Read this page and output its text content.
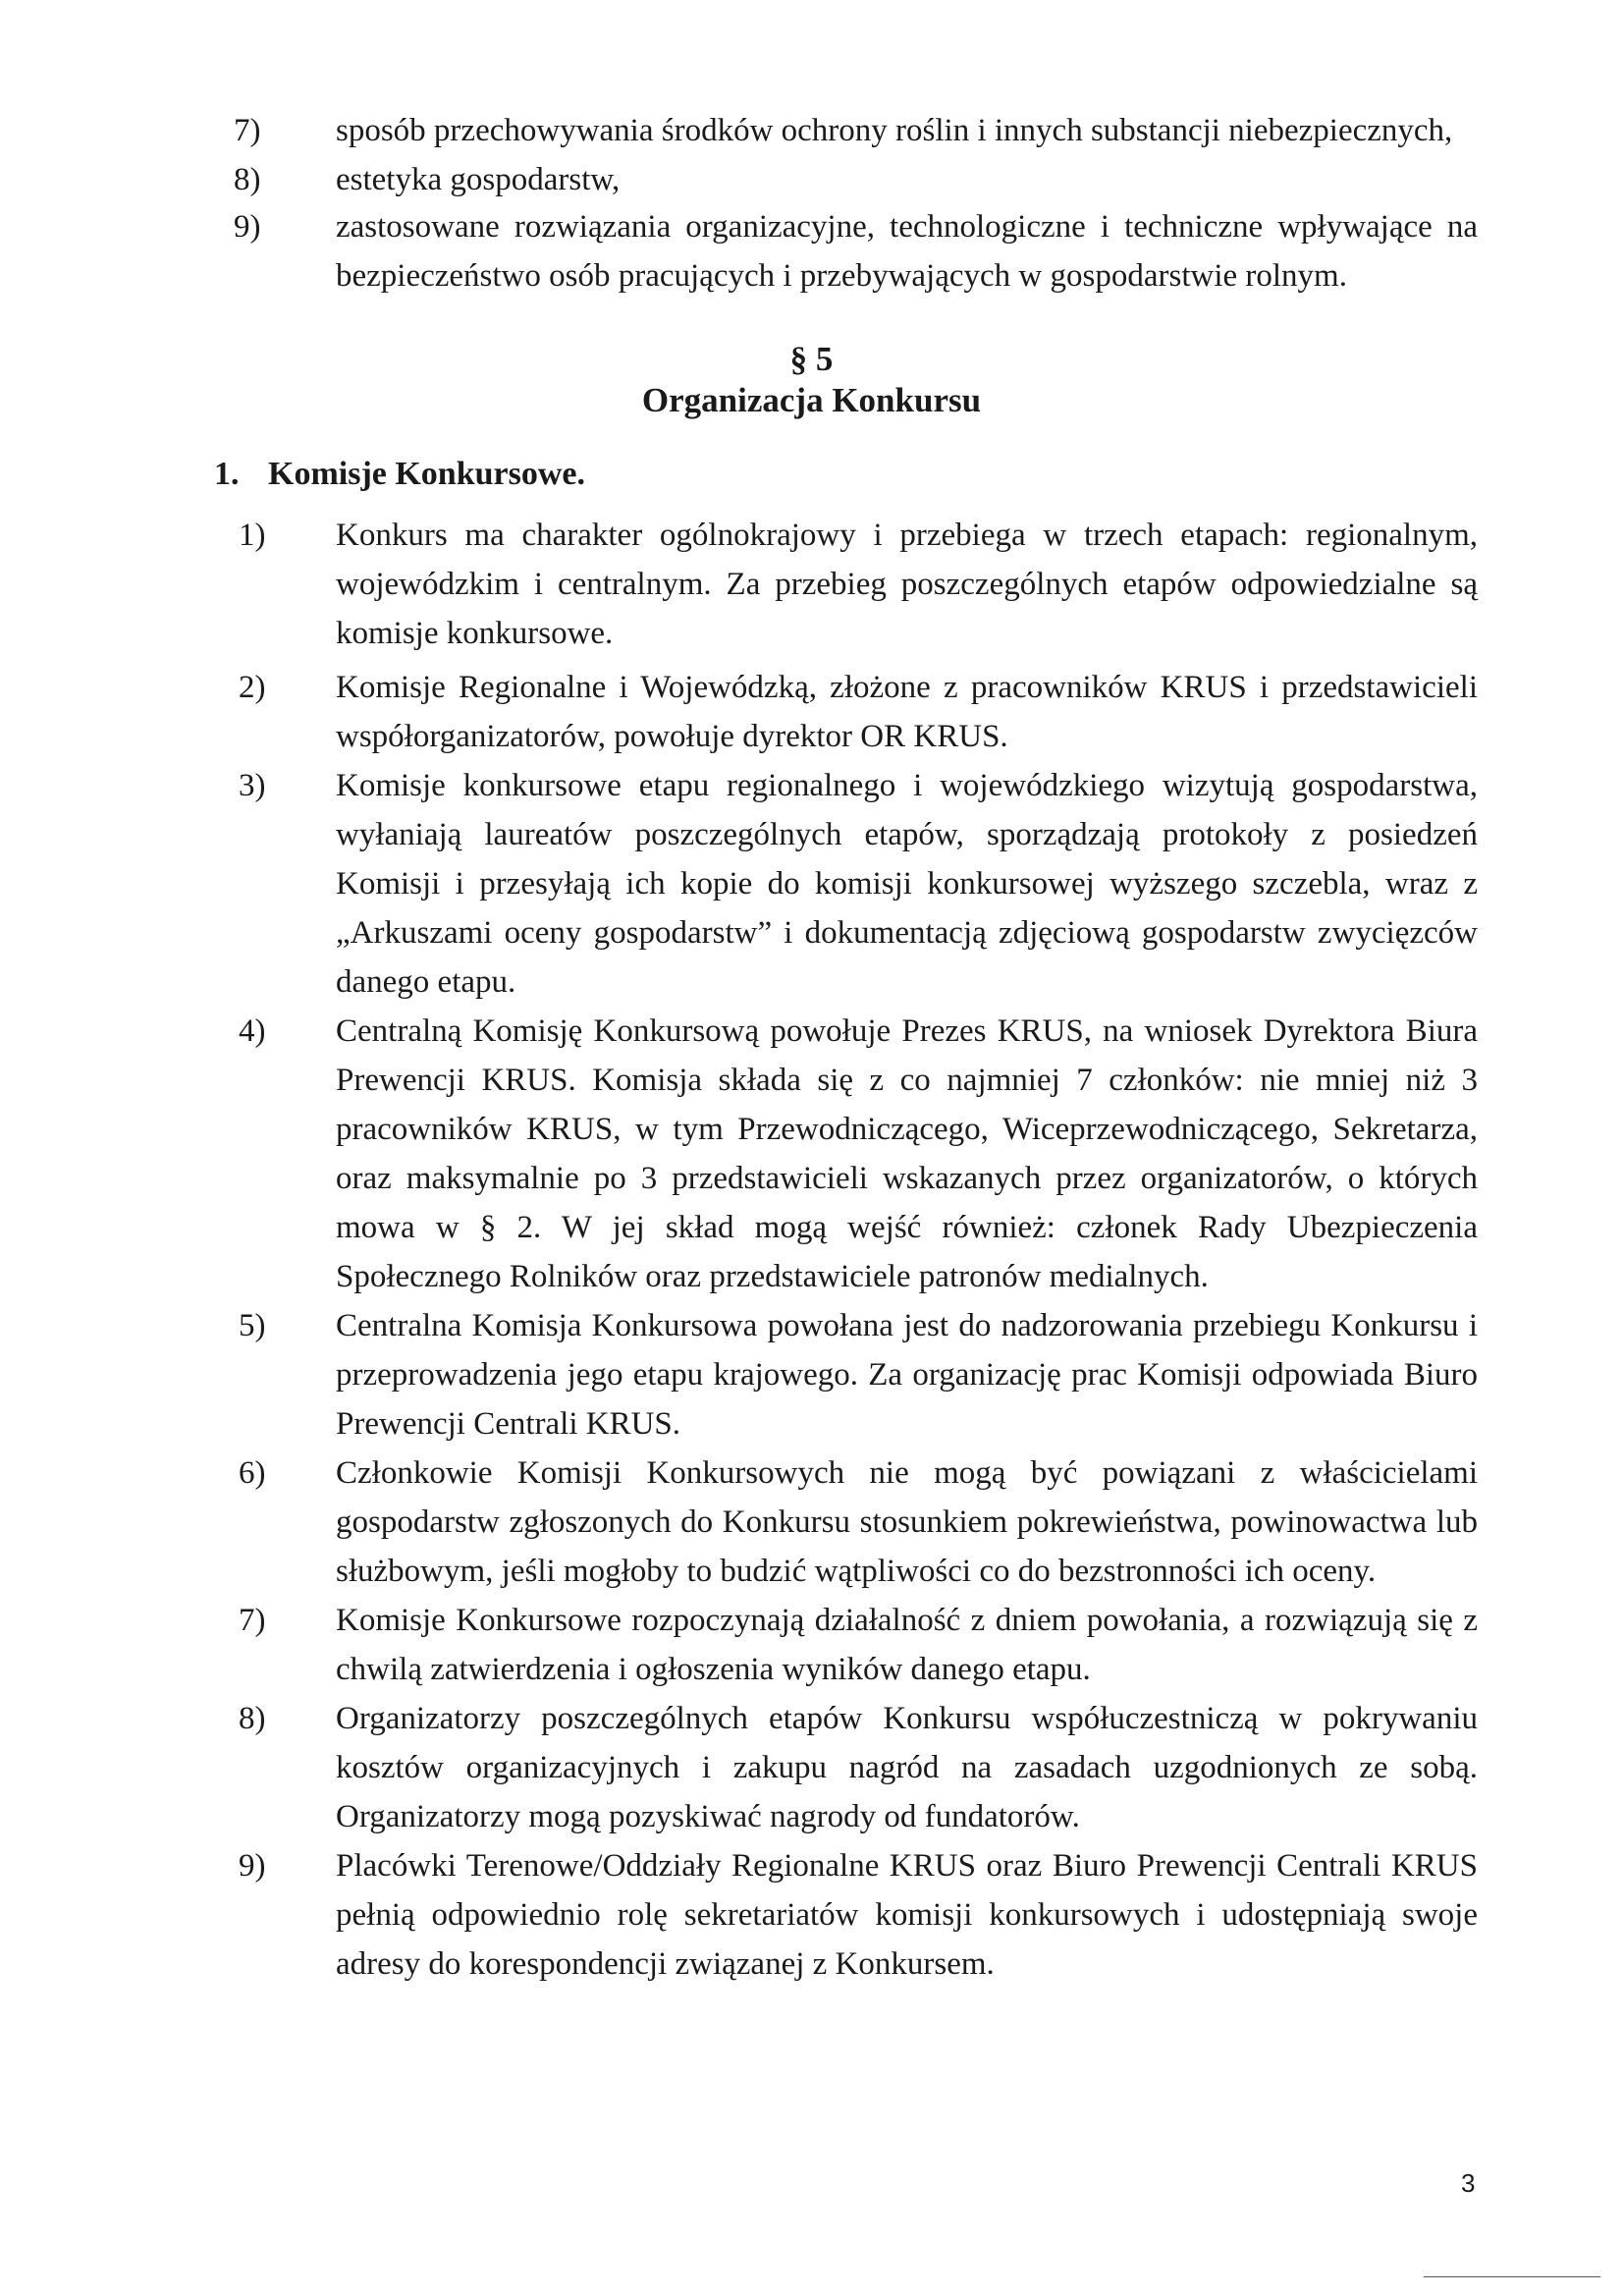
7)	sposób przechowywania środków ochrony roślin i innych substancji niebezpiecznych,
8)	estetyka gospodarstw,
9)	zastosowane rozwiązania organizacyjne, technologiczne i techniczne wpływające na bezpieczeństwo osób pracujących i przebywających w gospodarstwie rolnym.
§ 5
Organizacja Konkursu
1. Komisje Konkursowe.
1)	Konkurs ma charakter ogólnokrajowy i przebiega w trzech etapach: regionalnym, wojewódzkim i centralnym. Za przebieg poszczególnych etapów odpowiedzialne są komisje konkursowe.
2)	Komisje Regionalne i Wojewódzką, złożone z pracowników KRUS i przedstawicieli współorganizatorów, powołuje dyrektor OR KRUS.
3)	Komisje konkursowe etapu regionalnego i wojewódzkiego wizytują gospodarstwa, wyłaniają laureatów poszczególnych etapów, sporządzają protokoły z posiedzeń Komisji i przesyłają ich kopie do komisji konkursowej wyższego szczebla, wraz z „Arkuszami oceny gospodarstw” i dokumentacją zdjęciową gospodarstw zwycięzców danego etapu.
4)	Centralną Komisję Konkursową powołuje Prezes KRUS, na wniosek Dyrektora Biura Prewencji KRUS. Komisja składa się z co najmniej 7 członków: nie mniej niż 3 pracowników KRUS, w tym Przewodniczącego, Wiceprzewodniczącego, Sekretarza, oraz maksymalnie po 3 przedstawicieli wskazanych przez organizatorów, o których mowa w § 2. W jej skład mogą wejść również: członek Rady Ubezpieczenia Społecznego Rolników oraz przedstawiciele patronów medialnych.
5)	Centralna Komisja Konkursowa powołana jest do nadzorowania przebiegu Konkursu i przeprowadzenia jego etapu krajowego. Za organizację prac Komisji odpowiada Biuro Prewencji Centrali KRUS.
6)	Członkowie Komisji Konkursowych nie mogą być powiązani z właścicielami gospodarstw zgłoszonych do Konkursu stosunkiem pokrewieństwa, powinowactwa lub służbowym, jeśli mogłoby to budzić wątpliwości co do bezstronności ich oceny.
7)	Komisje Konkursowe rozpoczynają działalność z dniem powołania, a rozwiązują się z chwilą zatwierdzenia i ogłoszenia wyników danego etapu.
8)	Organizatorzy poszczególnych etapów Konkursu współuczestniczą w pokrywaniu kosztów organizacyjnych i zakupu nagród na zasadach uzgodnionych ze sobą. Organizatorzy mogą pozyskiwać nagrody od fundatorów.
9)	Placówki Terenowe/Oddziały Regionalne KRUS oraz Biuro Prewencji Centrali KRUS pełnią odpowiednio rolę sekretariatów komisji konkursowych i udostępniają swoje adresy do korespondencji związanej z Konkursem.
3
